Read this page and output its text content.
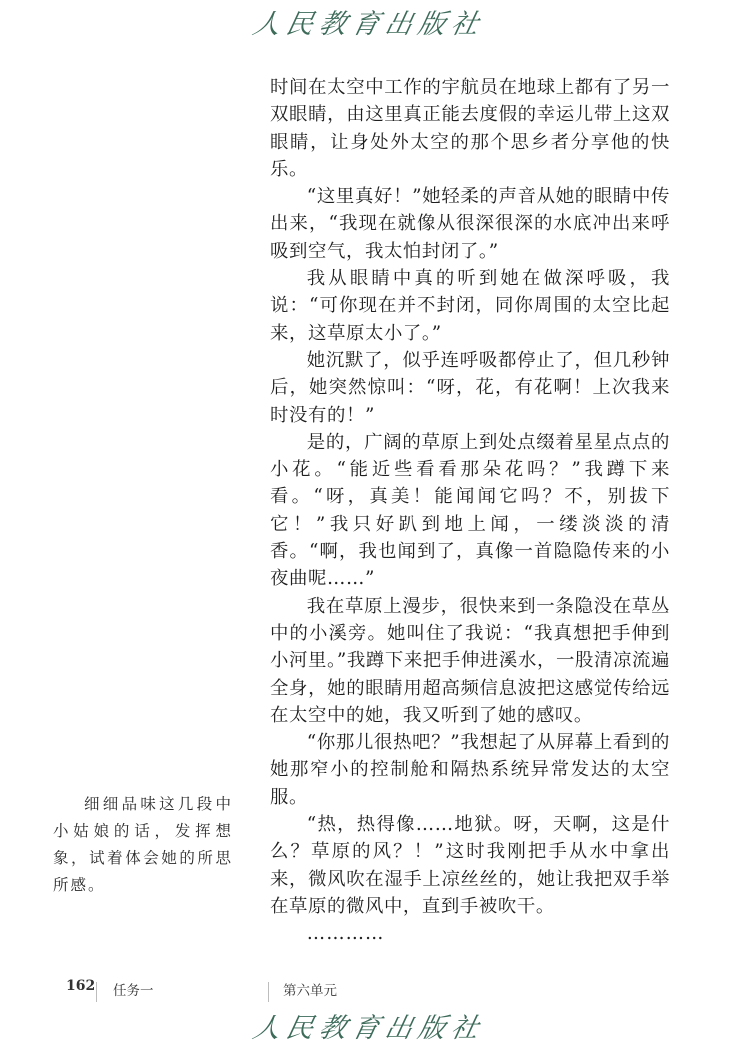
人民教育出版社

时间在太空中工作的宇航员在地球上都有了另一双眼睛，由这里真正能去度假的幸运儿带上这双眼睛，让身处外太空的那个思乡者分享他的快乐。

“这里真好！”她轻柔的声音从她的眼睛中传出来，“我现在就像从很深很深的水底冲出来呼吸到空气，我太怕封闭了。”

我从眼睛中真的听到她在做深呼吸，我说：“可你现在并不封闭，同你周围的太空比起来，这草原太小了。”

她沉默了，似乎连呼吸都停止了，但几秒钟后，她突然惊叫：“呀，花，有花啊！上次我来时没有的！”

是的，广阔的草原上到处点缀着星星点点的小花。“能近些看看那朵花吗？”我蹲下来看。“呀，真美！能闻闻它吗？不，别拔下它！”我只好趴到地上闻，一缕淡淡的清香。“啊，我也闻到了，真像一首隐隐传来的小夜曲呢……”

我在草原上漫步，很快来到一条隐没在草丛中的小溪旁。她叫住了我说：“我真想把手伸到小河里。”我蹲下来把手伸进溪水，一股清凉流遍全身，她的眼睛用超高频信息波把这感觉传给远在太空中的她，我又听到了她的感叹。

“你那儿很热吧？”我想起了从屏幕上看到的她那窄小的控制舱和隔热系统异常发达的太空服。

“热，热得像……地狱。呀，天啊，这是什么？草原的风？！”这时我刚把手从水中拿出来，微风吹在湿手上凉丝丝的，她让我把双手举在草原的微风中，直到手被吹干。

…………

细细品味这几段中小姑娘的话，发挥想象，试着体会她的所思所感。

162 任务一	第六单元
人民教育出版社
